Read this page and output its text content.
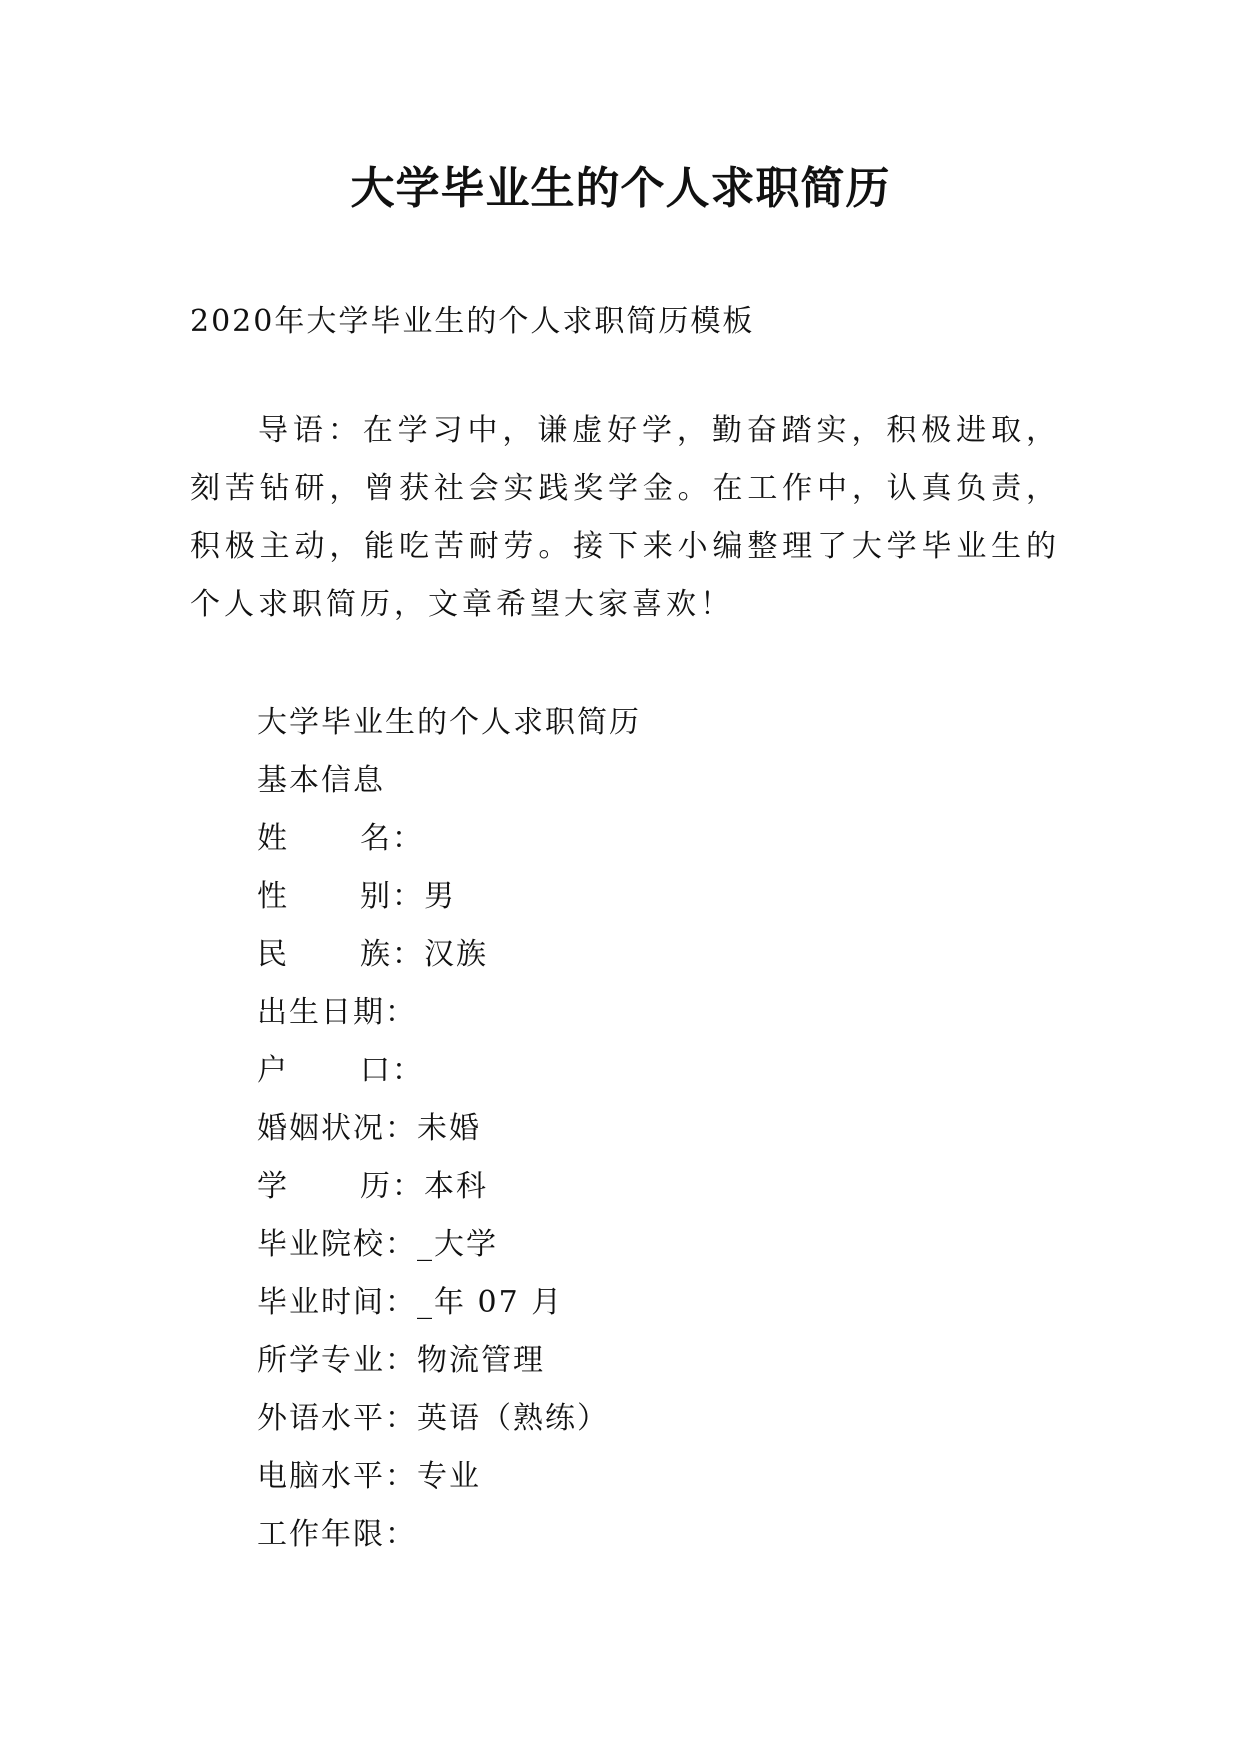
大学毕业生的个人求职简历

2020年大学毕业生的个人求职简历模板

导语：在学习中，谦虚好学，勤奋踏实，积极进取，刻苦钻研，曾获社会实践奖学金。在工作中，认真负责，积极主动，能吃苦耐劳。接下来小编整理了大学毕业生的个人求职简历，文章希望大家喜欢！

大学毕业生的个人求职简历
基本信息
姓 名 ：
性 别 ： 男
民 族 ： 汉族
出生日期 ：
户 口 ：
婚姻状况 ： 未婚
学 历 ： 本科
毕业院校 ： _大学
毕业时间 ： _年 07 月
所学专业 ： 物流管理
外语水平 ： 英语（熟练）
电脑水平 ： 专业
工作年限 ：
